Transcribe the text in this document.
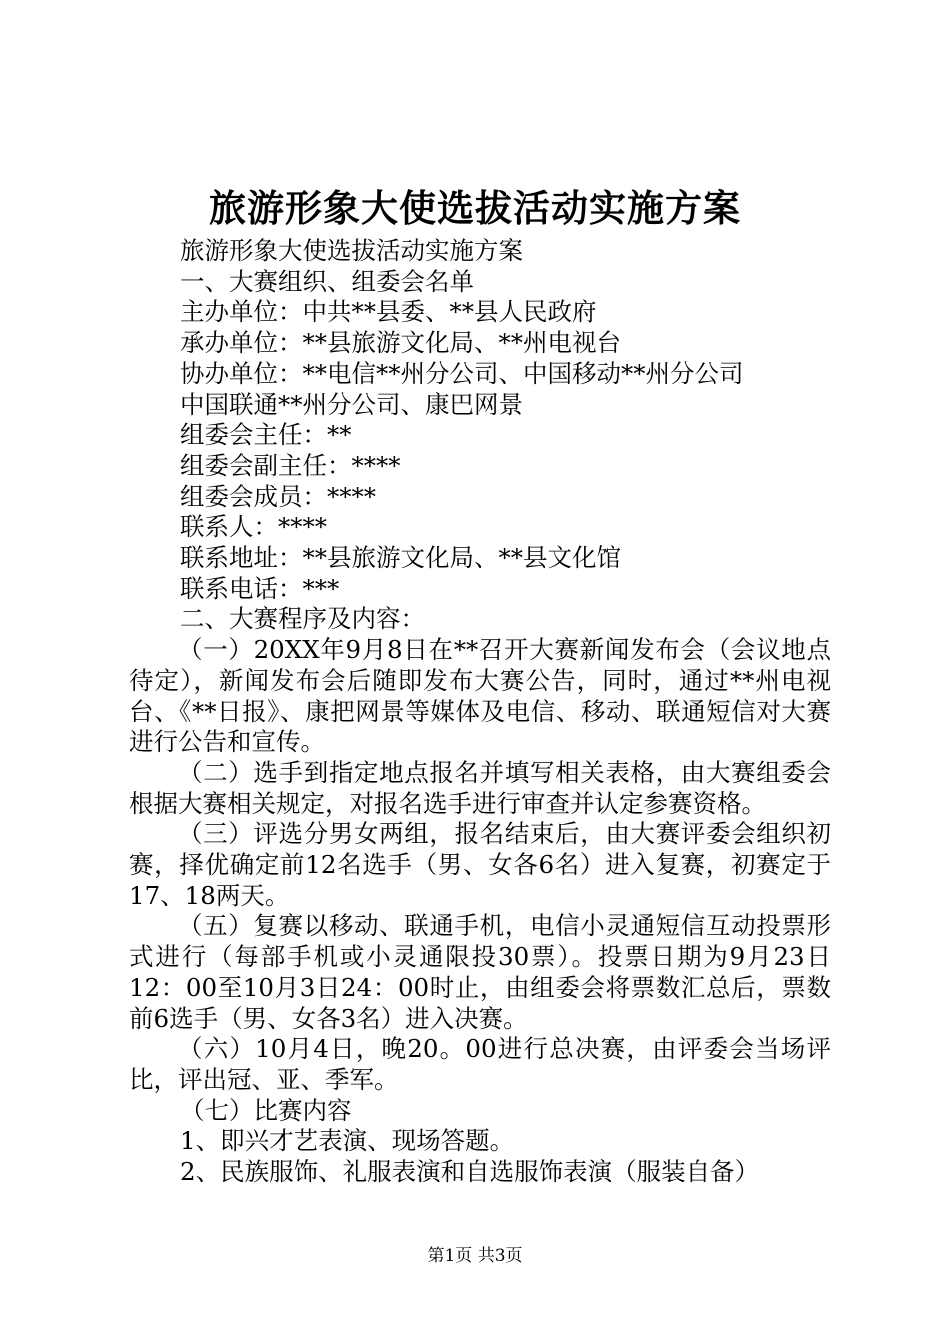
旅游形象大使选拔活动实施方案

旅游形象大使选拔活动实施方案

一、大赛组织、组委会名单

主办单位：中共**县委、**县人民政府

承办单位：**县旅游文化局、**州电视台

协办单位：**电信**州分公司、中国移动**州分公司

中国联通**州分公司、康巴网景

组委会主任：**

组委会副主任：****

组委会成员：****

联系人：****

联系地址：**县旅游文化局、**县文化馆

联系电话：***

二、大赛程序及内容：

（一）20XX年9月8日在**召开大赛新闻发布会（会议地点待定），新闻发布会后随即发布大赛公告，同时，通过**州电视台、《**日报》、康把网景等媒体及电信、移动、联通短信对大赛进行公告和宣传。

（二）选手到指定地点报名并填写相关表格，由大赛组委会根据大赛相关规定，对报名选手进行审查并认定参赛资格。

（三）评选分男女两组，报名结束后，由大赛评委会组织初赛，择优确定前12名选手（男、女各6名）进入复赛，初赛定于17、18两天。

（五）复赛以移动、联通手机，电信小灵通短信互动投票形式进行（每部手机或小灵通限投30票）。投票日期为9月23日12：00至10月3日24：00时止，由组委会将票数汇总后，票数前6选手（男、女各3名）进入决赛。

（六）10月4日，晚20。00进行总决赛，由评委会当场评比，评出冠、亚、季军。

（七）比赛内容

1、即兴才艺表演、现场答题。

2、民族服饰、礼服表演和自选服饰表演（服装自备）

第1页 共3页
